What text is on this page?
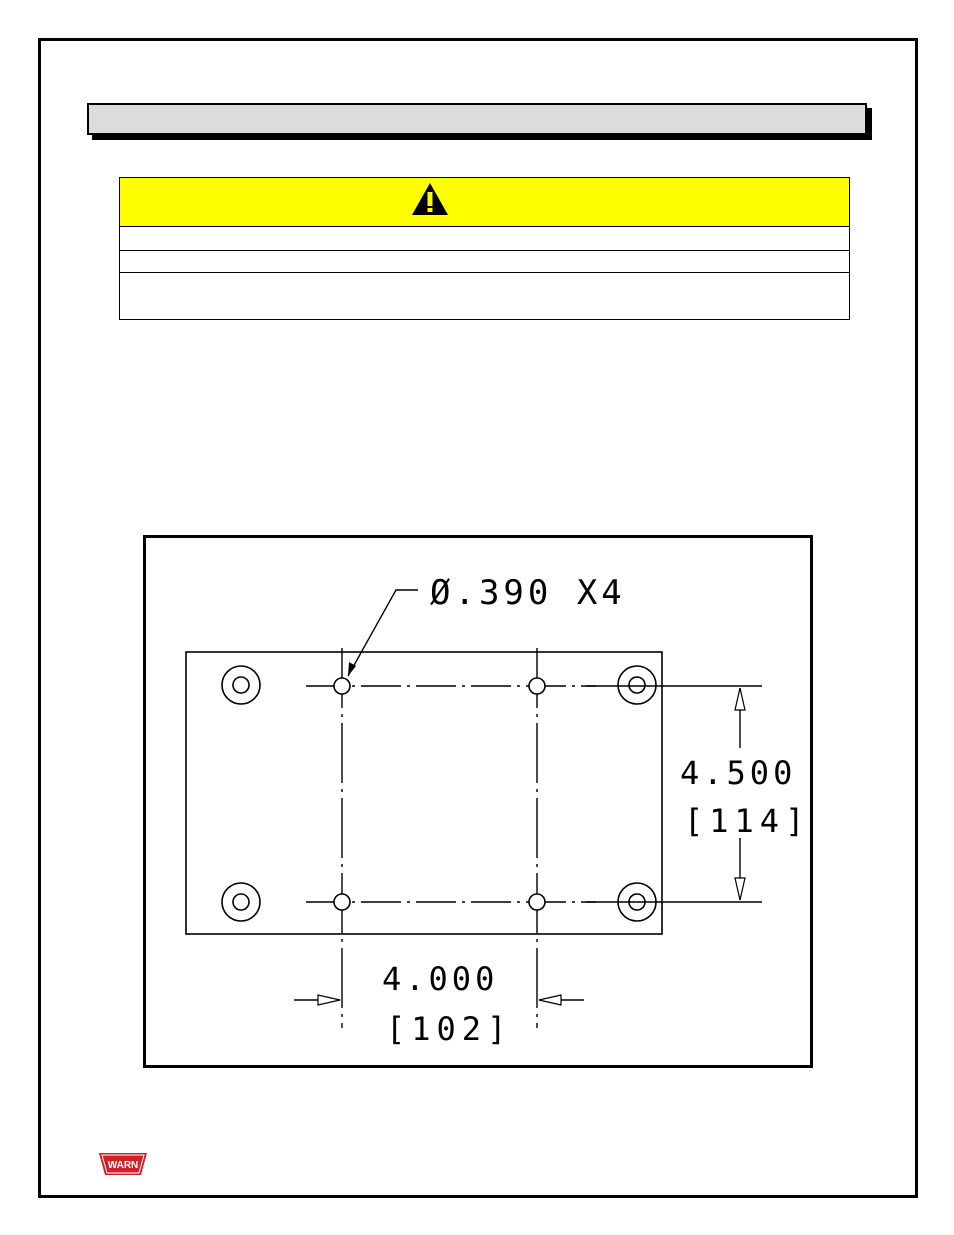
Ø.390 X4
4.500
[114]
4.000
[102]
WARN
